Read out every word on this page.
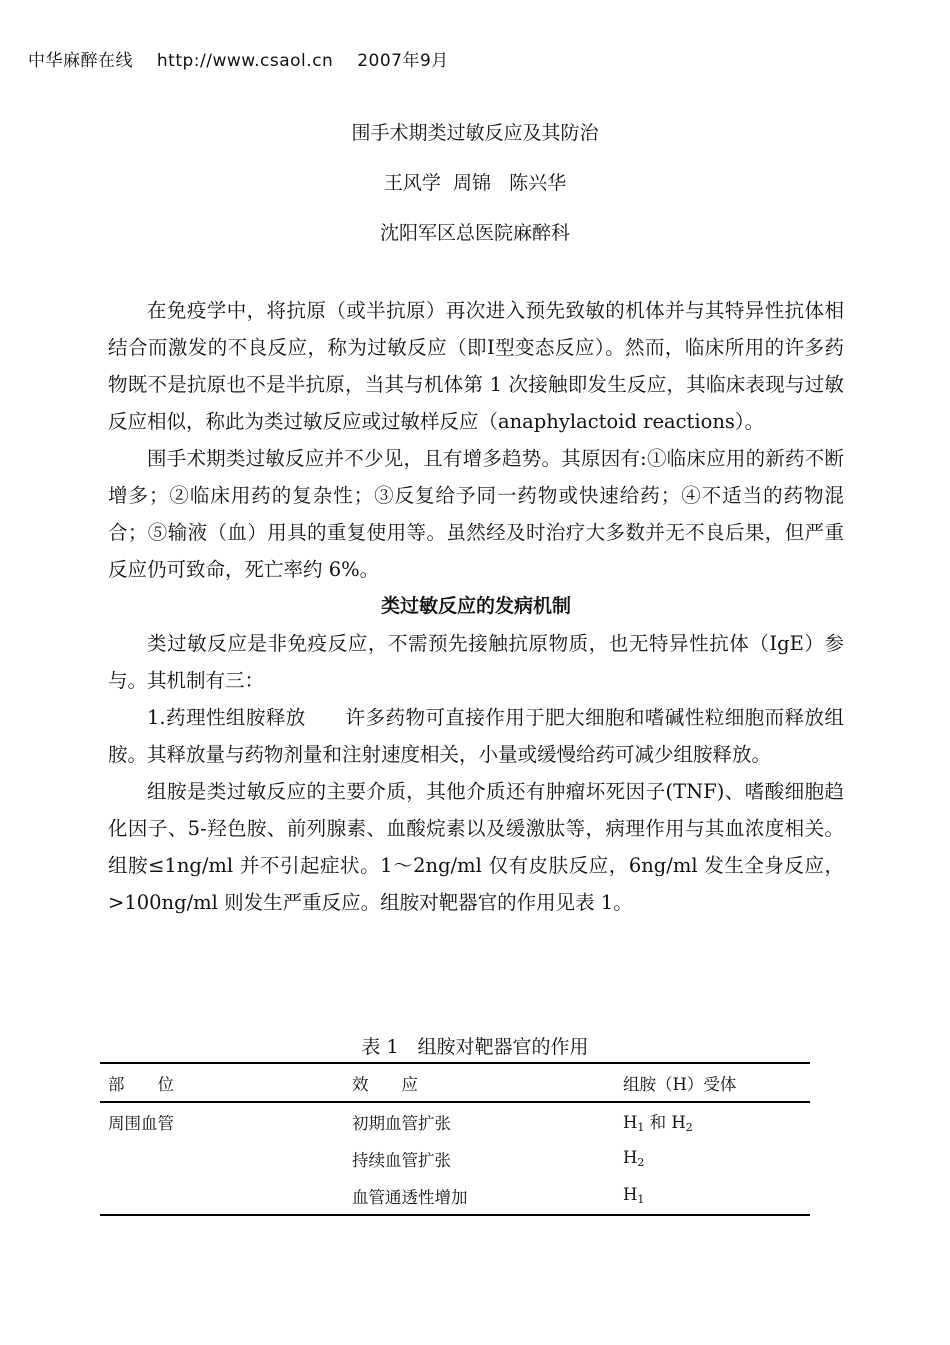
中华麻醉在线 http://www.csaol.cn 2007年9月
围手术期类过敏反应及其防治
王风学  周锦   陈兴华
沈阳军区总医院麻醉科

在免疫学中，将抗原（或半抗原）再次进入预先致敏的机体并与其特异性抗体相结合而激发的不良反应，称为过敏反应（即Ⅰ型变态反应）。然而，临床所用的许多药物既不是抗原也不是半抗原，当其与机体第 1 次接触即发生反应，其临床表现与过敏反应相似，称此为类过敏反应或过敏样反应（anaphylactoid reactions）。

围手术期类过敏反应并不少见，且有增多趋势。其原因有:①临床应用的新药不断增多；②临床用药的复杂性；③反复给予同一药物或快速给药；④不适当的药物混合；⑤输液（血）用具的重复使用等。虽然经及时治疗大多数并无不良后果，但严重反应仍可致命，死亡率约 6%。

类过敏反应的发病机制

类过敏反应是非免疫反应，不需预先接触抗原物质，也无特异性抗体（IgE）参与。其机制有三：

1.药理性组胺释放　　许多药物可直接作用于肥大细胞和嗜碱性粒细胞而释放组胺。其释放量与药物剂量和注射速度相关，小量或缓慢给药可减少组胺释放。

组胺是类过敏反应的主要介质，其他介质还有肿瘤坏死因子(TNF)、嗜酸细胞趋化因子、5-羟色胺、前列腺素、血酸烷素以及缓激肽等，病理作用与其血浓度相关。组胺≤1ng/ml 并不引起症状。1～2ng/ml 仅有皮肤反应，6ng/ml 发生全身反应，>100ng/ml 则发生严重反应。组胺对靶器官的作用见表 1。

表 1　组胺对靶器官的作用
部　　位	效　　应	组胺（H）受体
周围血管	初期血管扩张	$H_1$ 和 $H_2$
	持续血管扩张	$H_2$
	血管通透性增加	$H_1$
